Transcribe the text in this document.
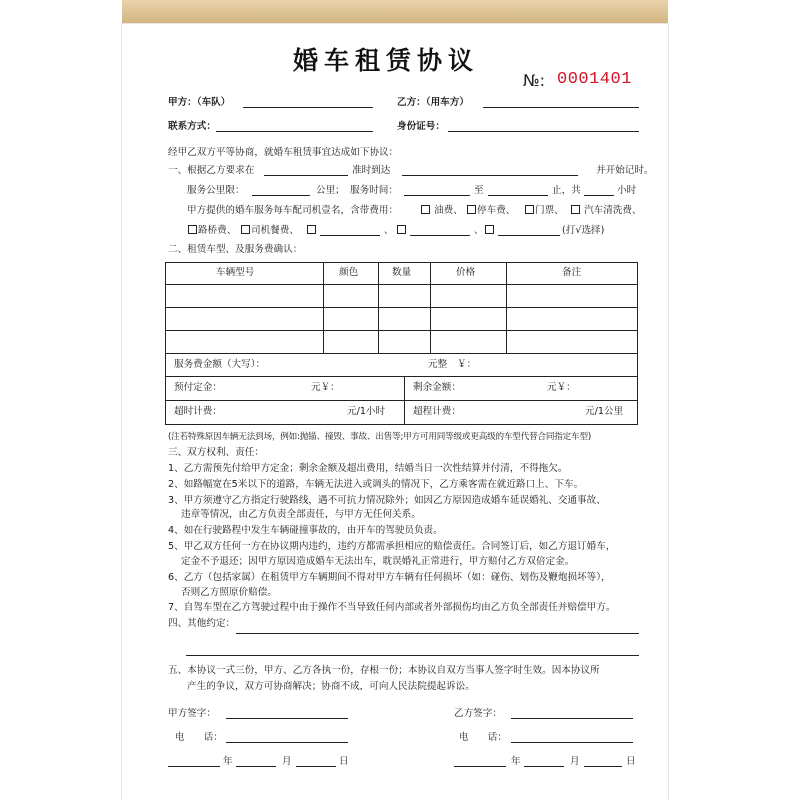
婚车租赁协议
№: 0001401
甲方：（车队）	乙方：（用车方）
联系方式：	身份证号：
经甲乙双方平等协商，就婚车租赁事宜达成如下协议：
一、根据乙方要求在	准时到达	并开始记时。
服务公里限：	公里； 服务时间：	至	止，共	小时
甲方提供的婚车服务每车配司机壹名，含带费用：	油费、	停车费、	门票、	汽车清洗费、
路桥费、	司机餐费、	、	、	(打√选择)
二、租赁车型、及服务费确认：
车辆型号	颜色	数量	价格	备注
服务费金额（大写）：	元整 ￥：
预付定金：	元￥：	剩余金额：	元￥：
超时计费：	元/1小时	超程计费：	元/1公里
(注若特殊原因车辆无法到场，例如:抛锚、撞毁、事故、出售等;甲方可用同等级或更高级的车型代替合同指定车型)
三、双方权利、责任：
1、乙方需预先付给甲方定金；剩余金额及超出费用，结婚当日一次性结算并付清，不得拖欠。
2、如路幅宽在5米以下的道路，车辆无法进入或调头的情况下，乙方乘客需在就近路口上、下车。
3、甲方须遵守乙方指定行驶路线，遇不可抗力情况除外；如因乙方原因造成婚车延误婚礼、交通事故、
违章等情况，由乙方负责全部责任，与甲方无任何关系。
4、如在行驶路程中发生车辆碰撞事故的，由开车的驾驶员负责。
5、甲乙双方任何一方在协议期内违约，违约方都需承担相应的赔偿责任。合同签订后，如乙方退订婚车，
定金不予退还；因甲方原因造成婚车无法出车，耽误婚礼正常进行，甲方赔付乙方双倍定金。
6、乙方（包括家属）在租赁甲方车辆期间不得对甲方车辆有任何损坏（如：碰伤、划伤及鞭炮损坏等），
否则乙方照原价赔偿。
7、自驾车型在乙方驾驶过程中由于操作不当导致任何内部或者外部损伤均由乙方负全部责任并赔偿甲方。
四、其他约定：
五、本协议一式三份，甲方、乙方各执一份，存根一份；本协议自双方当事人签字时生效。因本协议所
产生的争议，双方可协商解决；协商不成，可向人民法院提起诉讼。
甲方签字：	乙方签字：
电　　话：	电　　话：
年	月	日	年	月	日
